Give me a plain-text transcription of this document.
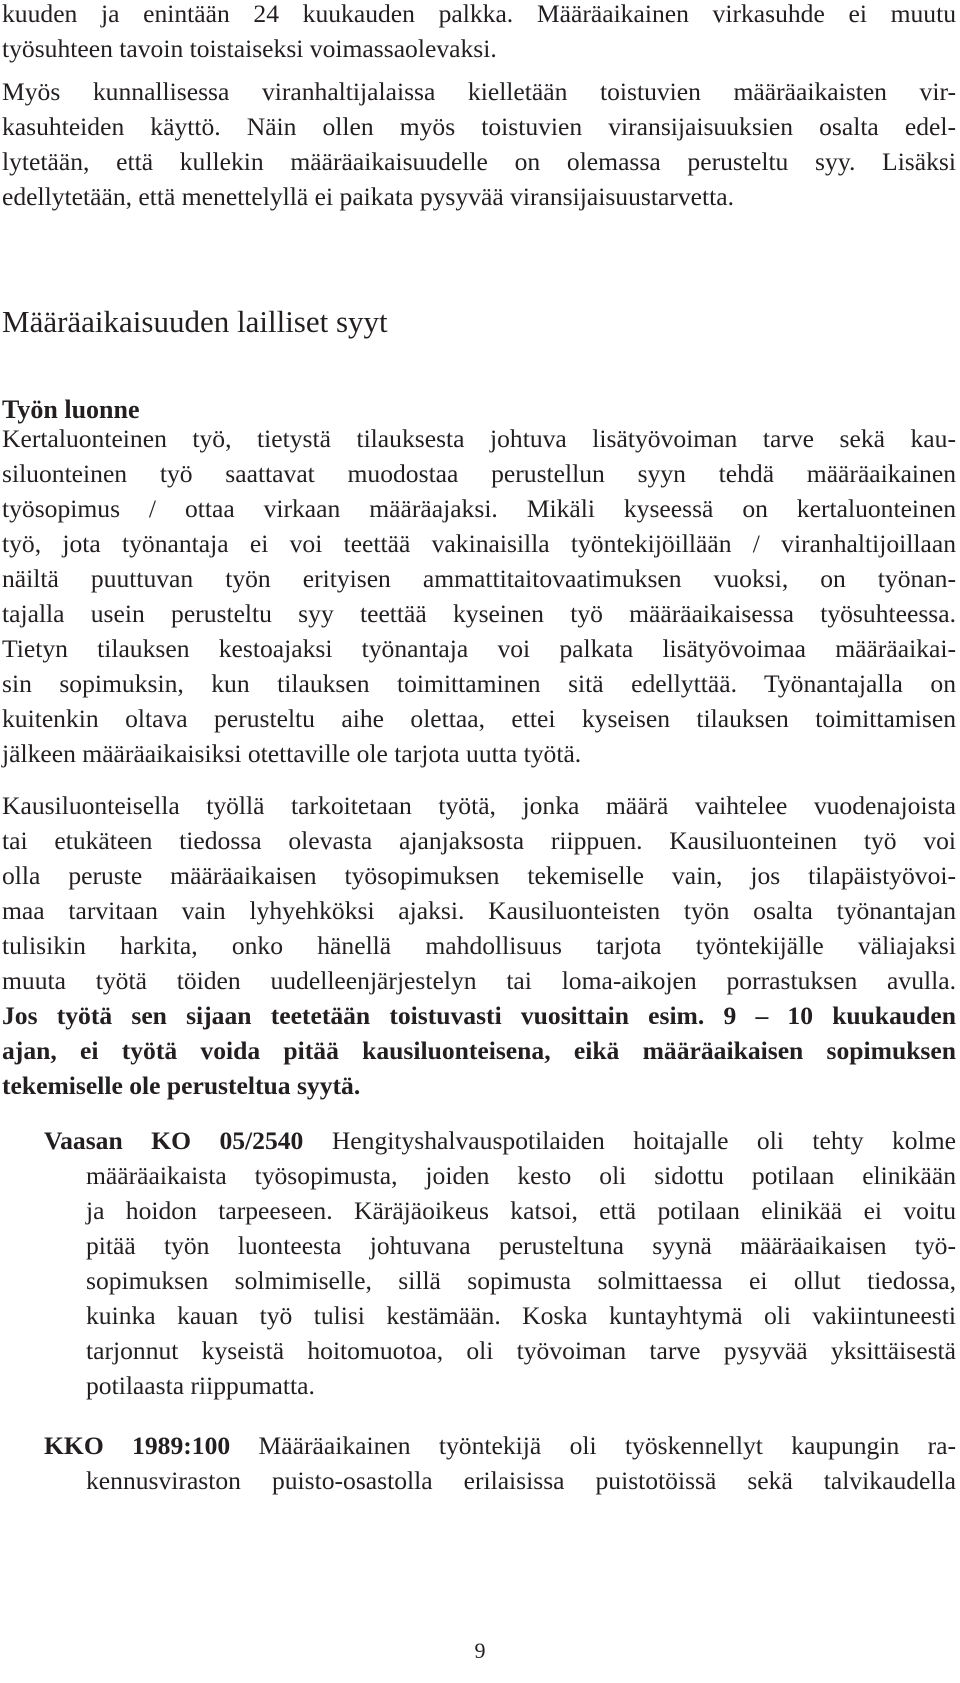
kuuden ja enintään 24 kuukauden palkka. Määräaikainen virkasuhde ei muutu
työsuhteen tavoin toistaiseksi voimassaolevaksi.
Myös kunnallisessa viranhaltijalaissa kielletään toistuvien määräaikaisten vir-
kasuhteiden käyttö. Näin ollen myös toistuvien viransijaisuuksien osalta edel-
lytetään, että kullekin määräaikaisuudelle on olemassa perusteltu syy. Lisäksi
edellytetään, että menettelyllä ei paikata pysyvää viransijaisuustarvetta.
Määräaikaisuuden lailliset syyt
Työn luonne
Kertaluonteinen työ, tietystä tilauksesta johtuva lisätyövoiman tarve sekä kau-
siluonteinen työ saattavat muodostaa perustellun syyn tehdä määräaikainen
työsopimus / ottaa virkaan määräajaksi. Mikäli kyseessä on kertaluonteinen
työ, jota työnantaja ei voi teettää vakinaisilla työntekijöillään / viranhaltijoillaan
näiltä puuttuvan työn erityisen ammattitaitovaatimuksen vuoksi, on työnan-
tajalla usein perusteltu syy teettää kyseinen työ määräaikaisessa työsuhteessa.
Tietyn tilauksen kestoajaksi työnantaja voi palkata lisätyövoimaa määräaikai-
sin sopimuksin, kun tilauksen toimittaminen sitä edellyttää. Työnantajalla on
kuitenkin oltava perusteltu aihe olettaa, ettei kyseisen tilauksen toimittamisen
jälkeen määräaikaisiksi otettaville ole tarjota uutta työtä.
Kausiluonteisella työllä tarkoitetaan työtä, jonka määrä vaihtelee vuodenajoista
tai etukäteen tiedossa olevasta ajanjaksosta riippuen. Kausiluonteinen työ voi
olla peruste määräaikaisen työsopimuksen tekemiselle vain, jos tilapäistyövoi-
maa tarvitaan vain lyhyehköksi ajaksi. Kausiluonteisten työn osalta työnantajan
tulisikin harkita, onko hänellä mahdollisuus tarjota työntekijälle väliajaksi
muuta työtä töiden uudelleenjärjestelyn tai loma-aikojen porrastuksen avulla.
Jos työtä sen sijaan teetetään toistuvasti vuosittain esim. 9 – 10 kuukauden
ajan, ei työtä voida pitää kausiluonteisena, eikä määräaikaisen sopimuksen
tekemiselle ole perusteltua syytä.
Vaasan KO 05/2540 Hengityshalvauspotilaiden hoitajalle oli tehty kolme
määräaikaista työsopimusta, joiden kesto oli sidottu potilaan elinikään
ja hoidon tarpeeseen. Käräjäoikeus katsoi, että potilaan elinikää ei voitu
pitää työn luonteesta johtuvana perusteltuna syynä määräaikaisen työ-
sopimuksen solmimiselle, sillä sopimusta solmittaessa ei ollut tiedossa,
kuinka kauan työ tulisi kestämään. Koska kuntayhtymä oli vakiintuneesti
tarjonnut kyseistä hoitomuotoa, oli työvoiman tarve pysyvää yksittäisestä
potilaasta riippumatta.
KKO 1989:100 Määräaikainen työntekijä oli työskennellyt kaupungin ra-
kennusviraston puisto-osastolla erilaisissa puistotöissä sekä talvikaudella
9
